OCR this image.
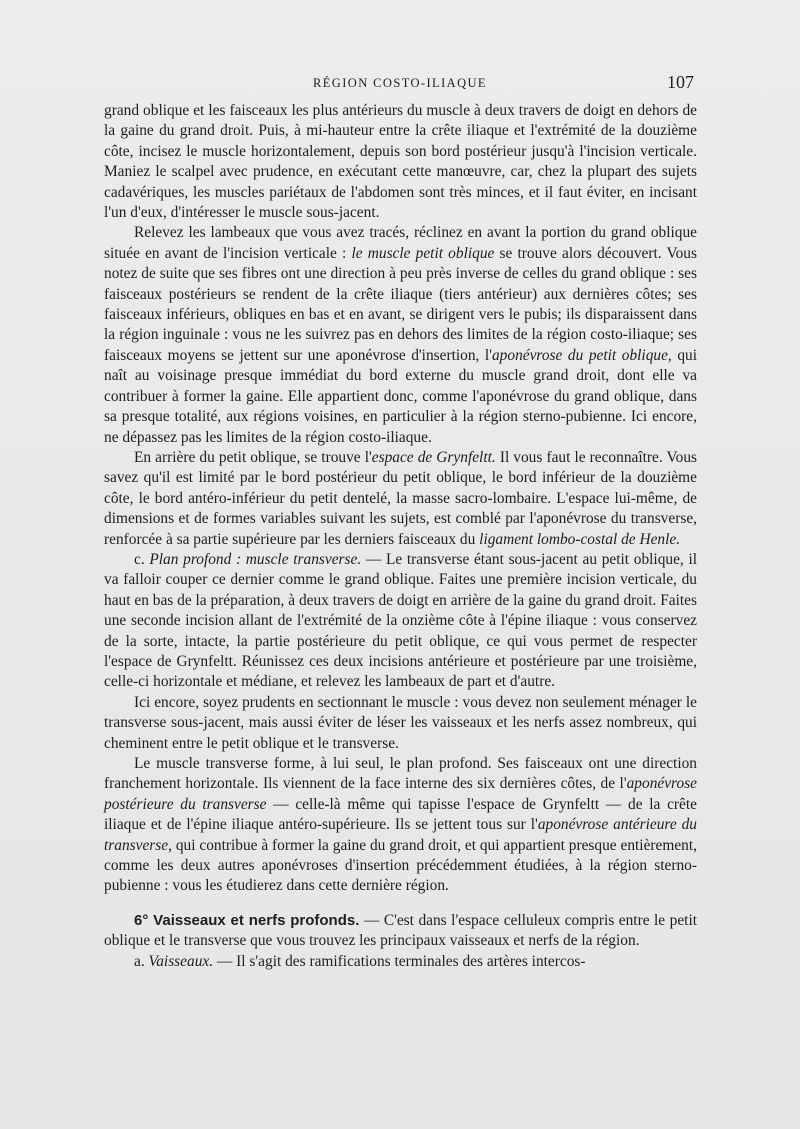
RÉGION COSTO-ILIAQUE	107

grand oblique et les faisceaux les plus antérieurs du muscle à deux travers de doigt en dehors de la gaine du grand droit. Puis, à mi-hauteur entre la crête iliaque et l'extrémité de la douzième côte, incisez le muscle horizontalement, depuis son bord postérieur jusqu'à l'incision verticale. Maniez le scalpel avec prudence, en exécutant cette manœuvre, car, chez la plupart des sujets cadavériques, les muscles pariétaux de l'abdomen sont très minces, et il faut éviter, en incisant l'un d'eux, d'intéresser le muscle sous-jacent.

Relevez les lambeaux que vous avez tracés, réclinez en avant la portion du grand oblique située en avant de l'incision verticale : le muscle petit oblique se trouve alors découvert. Vous notez de suite que ses fibres ont une direction à peu près inverse de celles du grand oblique : ses faisceaux postérieurs se rendent de la crête iliaque (tiers antérieur) aux dernières côtes; ses faisceaux inférieurs, obliques en bas et en avant, se dirigent vers le pubis; ils disparaissent dans la région inguinale : vous ne les suivrez pas en dehors des limites de la région costo-iliaque; ses faisceaux moyens se jettent sur une aponévrose d'insertion, l'aponévrose du petit oblique, qui naît au voisinage presque immédiat du bord externe du muscle grand droit, dont elle va contribuer à former la gaine. Elle appartient donc, comme l'aponévrose du grand oblique, dans sa presque totalité, aux régions voisines, en particulier à la région sterno-pubienne. Ici encore, ne dépassez pas les limites de la région costo-iliaque.

En arrière du petit oblique, se trouve l'espace de Grynfeltt. Il vous faut le reconnaître. Vous savez qu'il est limité par le bord postérieur du petit oblique, le bord inférieur de la douzième côte, le bord antéro-inférieur du petit dentelé, la masse sacro-lombaire. L'espace lui-même, de dimensions et de formes variables suivant les sujets, est comblé par l'aponévrose du transverse, renforcée à sa partie supérieure par les derniers faisceaux du ligament lombo-costal de Henle.

c. Plan profond : muscle transverse. — Le transverse étant sous-jacent au petit oblique, il va falloir couper ce dernier comme le grand oblique. Faites une première incision verticale, du haut en bas de la préparation, à deux travers de doigt en arrière de la gaine du grand droit. Faites une seconde incision allant de l'extrémité de la onzième côte à l'épine iliaque : vous conservez de la sorte, intacte, la partie postérieure du petit oblique, ce qui vous permet de respecter l'espace de Grynfeltt. Réunissez ces deux incisions antérieure et postérieure par une troisième, celle-ci horizontale et médiane, et relevez les lambeaux de part et d'autre.

Ici encore, soyez prudents en sectionnant le muscle : vous devez non seulement ménager le transverse sous-jacent, mais aussi éviter de léser les vaisseaux et les nerfs assez nombreux, qui cheminent entre le petit oblique et le transverse.

Le muscle transverse forme, à lui seul, le plan profond. Ses faisceaux ont une direction franchement horizontale. Ils viennent de la face interne des six dernières côtes, de l'aponévrose postérieure du transverse — celle-là même qui tapisse l'espace de Grynfeltt — de la crête iliaque et de l'épine iliaque antéro-supérieure. Ils se jettent tous sur l'aponévrose antérieure du transverse, qui contribue à former la gaine du grand droit, et qui appartient presque entièrement, comme les deux autres aponévroses d'insertion précédemment étudiées, à la région sterno-pubienne : vous les étudierez dans cette dernière région.

6° Vaisseaux et nerfs profonds. — C'est dans l'espace celluleux compris entre le petit oblique et le transverse que vous trouvez les principaux vaisseaux et nerfs de la région.

a. Vaisseaux. — Il s'agit des ramifications terminales des artères intercos-
